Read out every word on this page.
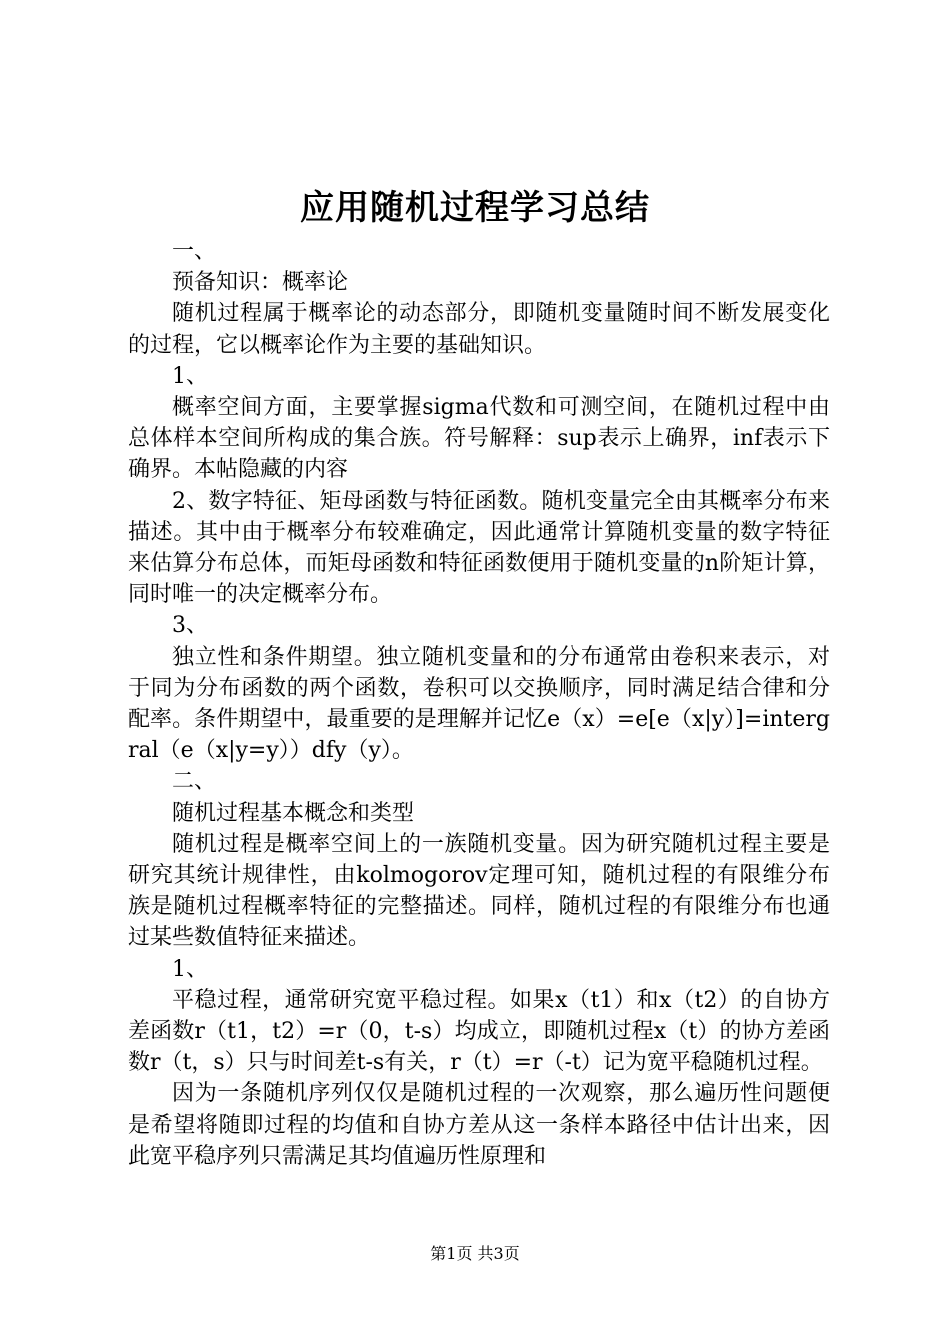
应用随机过程学习总结

一、

预备知识：概率论

随机过程属于概率论的动态部分，即随机变量随时间不断发展变化的过程，它以概率论作为主要的基础知识。

1、

概率空间方面，主要掌握sigma代数和可测空间，在随机过程中由总体样本空间所构成的集合族。符号解释：sup表示上确界，inf表示下确界。本帖隐藏的内容

2、数字特征、矩母函数与特征函数。随机变量完全由其概率分布来描述。其中由于概率分布较难确定，因此通常计算随机变量的数字特征来估算分布总体，而矩母函数和特征函数便用于随机变量的n阶矩计算，同时唯一的决定概率分布。

3、

独立性和条件期望。独立随机变量和的分布通常由卷积来表示，对于同为分布函数的两个函数，卷积可以交换顺序，同时满足结合律和分配率。条件期望中，最重要的是理解并记忆e（x）=e[e（x|y）]=intergral（e（x|y=y））dfy（y）。

二、

随机过程基本概念和类型

随机过程是概率空间上的一族随机变量。因为研究随机过程主要是研究其统计规律性，由kolmogorov定理可知，随机过程的有限维分布族是随机过程概率特征的完整描述。同样，随机过程的有限维分布也通过某些数值特征来描述。

1、

平稳过程，通常研究宽平稳过程。如果x（t1）和x（t2）的自协方差函数r（t1，t2）=r（0，t-s）均成立，即随机过程x（t）的协方差函数r（t，s）只与时间差t-s有关，r（t）=r（-t）记为宽平稳随机过程。

因为一条随机序列仅仅是随机过程的一次观察，那么遍历性问题便是希望将随即过程的均值和自协方差从这一条样本路径中估计出来，因此宽平稳序列只需满足其均值遍历性原理和

第1页 共3页
